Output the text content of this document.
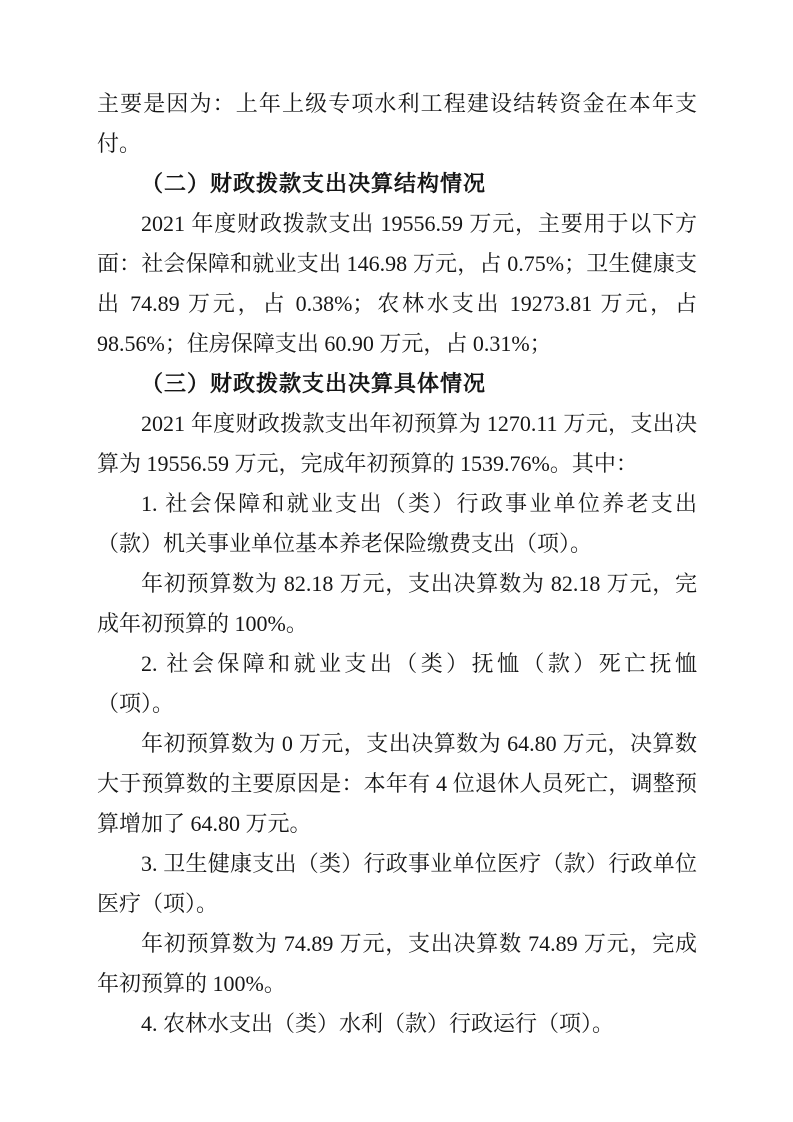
主要是因为：上年上级专项水利工程建设结转资金在本年支付。

（二）财政拨款支出决算结构情况

2021 年度财政拨款支出 19556.59 万元，主要用于以下方面：社会保障和就业支出 146.98 万元，占 0.75%；卫生健康支出 74.89 万元，占 0.38%；农林水支出 19273.81 万元，占 98.56%；住房保障支出 60.90 万元，占 0.31%；

（三）财政拨款支出决算具体情况

2021 年度财政拨款支出年初预算为 1270.11 万元，支出决算为 19556.59 万元，完成年初预算的 1539.76%。其中：

1. 社会保障和就业支出（类）行政事业单位养老支出（款）机关事业单位基本养老保险缴费支出（项）。

年初预算数为 82.18 万元，支出决算数为 82.18 万元，完成年初预算的 100%。

2. 社会保障和就业支出（类）抚恤（款）死亡抚恤（项）。

年初预算数为 0 万元，支出决算数为 64.80 万元，决算数大于预算数的主要原因是：本年有 4 位退休人员死亡，调整预算增加了 64.80 万元。

3. 卫生健康支出（类）行政事业单位医疗（款）行政单位医疗（项）。

年初预算数为 74.89 万元，支出决算数 74.89 万元，完成年初预算的 100%。

4. 农林水支出（类）水利（款）行政运行（项）。
